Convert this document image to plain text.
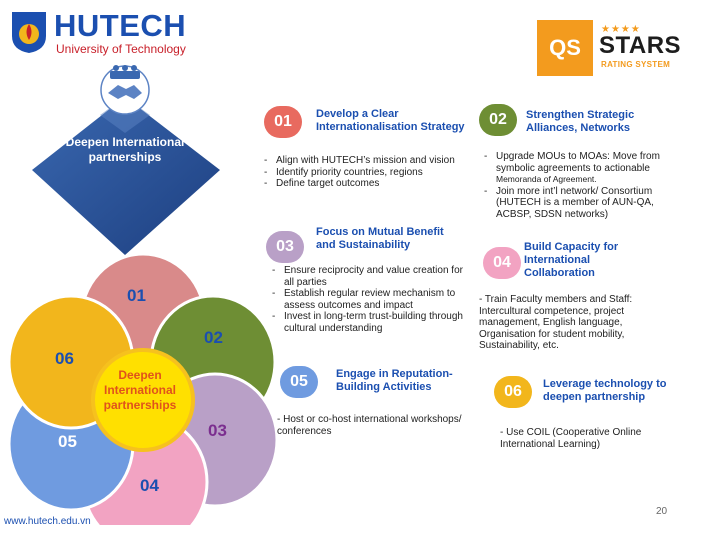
HUTECH
University of Technology	QS
★★★★
STARS
RATING SYSTEM
Deepen International partnerships
01
02
03
04
05
06
Deepen International partnerships
01	Develop a Clear Internationalisation Strategy
- Align with HUTECH’s mission and vision
- Identify priority countries, regions
- Define target outcomes
02	Strengthen Strategic Alliances, Networks
- Upgrade MOUs to MOAs: Move from symbolic agreements to actionable Memoranda of Agreement.
- Join more int’l network/ Consortium (HUTECH is a member of AUN-QA, ACBSP, SDSN networks)
03
Focus on Mutual Benefit and Sustainability
- Ensure reciprocity and value creation for all parties
- Establish regular review mechanism to assess outcomes and impact
- Invest in long-term trust-building through cultural understanding
04
Build Capacity for International Collaboration
- Train Faculty members and Staff: Intercultural competence, project management, English language, Organisation for student mobility, Sustainability, etc.
05	Engage in Reputation-Building Activities
- Host or co-host international workshops/ conferences
06	Leverage technology to deepen partnership
- Use COIL (Cooperative Online International Learning)
www.hutech.edu.vn
20
